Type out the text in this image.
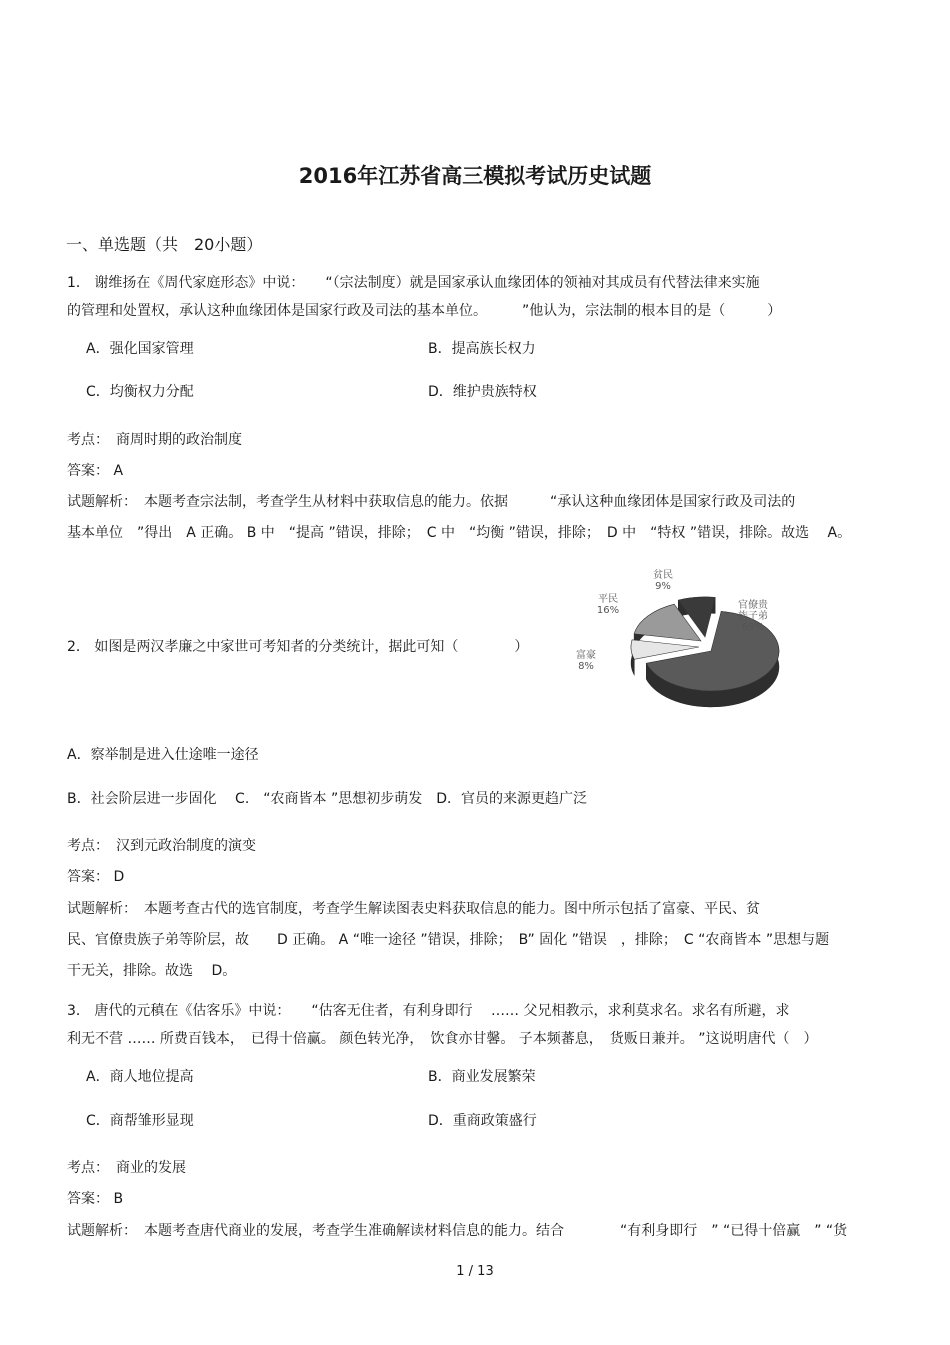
2016年江苏省高三模拟考试历史试题
一、单选题（共　20小题）
1． 谢维扬在《周代家庭形态》中说：　　“（宗法制度）就是国家承认血缘团体的领袖对其成员有代替法律来实施
的管理和处置权，承认这种血缘团体是国家行政及司法的基本单位。　　　”他认为，宗法制的根本目的是（　　　）
A．强化国家管理	B．提高族长权力
C．均衡权力分配	D．维护贵族特权
考点：　商周时期的政治制度
答案： A
试题解析：　本题考查宗法制，考查学生从材料中获取信息的能力。依据　　　“承认这种血缘团体是国家行政及司法的
基本单位　”得出　A 正确。 B 中　“提高 ”错误，排除；　C 中　“均衡 ”错误，排除；　D 中　“特权 ”错误，排除。故选　 A。
2． 如图是两汉孝廉之中家世可考知者的分类统计，据此可知（　　　　）
官僚贵族子弟 69%
富豪 8%
平民 16%
贫民 9%
A．察举制是进入仕途唯一途径
B．社会阶层进一步固化　 C.　“农商皆本 ”思想初步萌发　D．官员的来源更趋广泛
考点：　汉到元政治制度的演变
答案： D
试题解析：　本题考查古代的选官制度，考查学生解读图表史料获取信息的能力。图中所示包括了富豪、平民、贫
民、官僚贵族子弟等阶层，故　　D 正确。 A “唯一途径 ”错误，排除；　B” 固化 ”错误　，排除；　C “农商皆本 ”思想与题
干无关，排除。故选　 D。
3． 唐代的元稹在《估客乐》中说：　　“估客无住者，有利身即行　 …… 父兄相教示，求利莫求名。求名有所避，求
利无不营 …… 所费百钱本，　已得十倍赢。 颜色转光净，　饮食亦甘馨。 子本频蕃息，　货贩日兼并。 ”这说明唐代（　）
A．商人地位提高	B．商业发展繁荣
C．商帮雏形显现	D．重商政策盛行
考点：　商业的发展
答案： B
试题解析：　本题考查唐代商业的发展，考查学生准确解读材料信息的能力。结合　　　　“有利身即行　” “已得十倍赢　” “货
1 / 13
